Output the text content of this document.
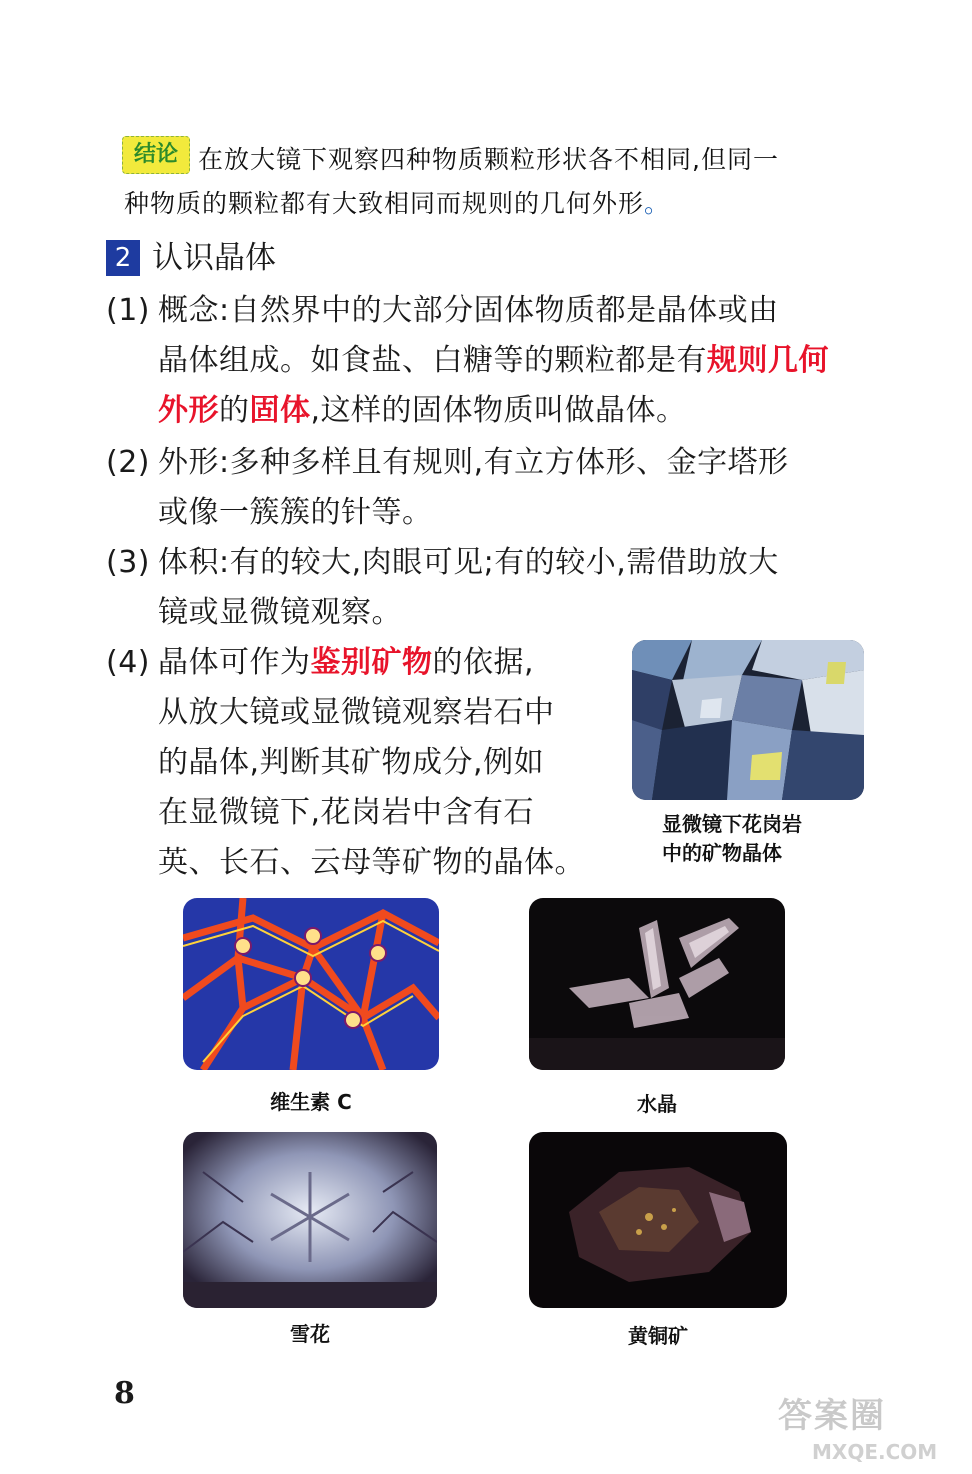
结论 在放大镜下观察四种物质颗粒形状各不相同,但同一
种物质的颗粒都有大致相同而规则的几何外形。
2 认识晶体
(1) 概念:自然界中的大部分固体物质都是晶体或由
晶体组成。如食盐、白糖等的颗粒都是有规则几何
外形的固体,这样的固体物质叫做晶体。
(2) 外形:多种多样且有规则,有立方体形、金字塔形
或像一簇簇的针等。
(3) 体积:有的较大,肉眼可见;有的较小,需借助放大
镜或显微镜观察。
(4) 晶体可作为鉴别矿物的依据,
从放大镜或显微镜观察岩石中
的晶体,判断其矿物成分,例如
在显微镜下,花岗岩中含有石
英、长石、云母等矿物的晶体。
显微镜下花岗岩
中的矿物晶体
维生素 C	水晶
雪花	黄铜矿
8
答案圈
MXQE.COM
